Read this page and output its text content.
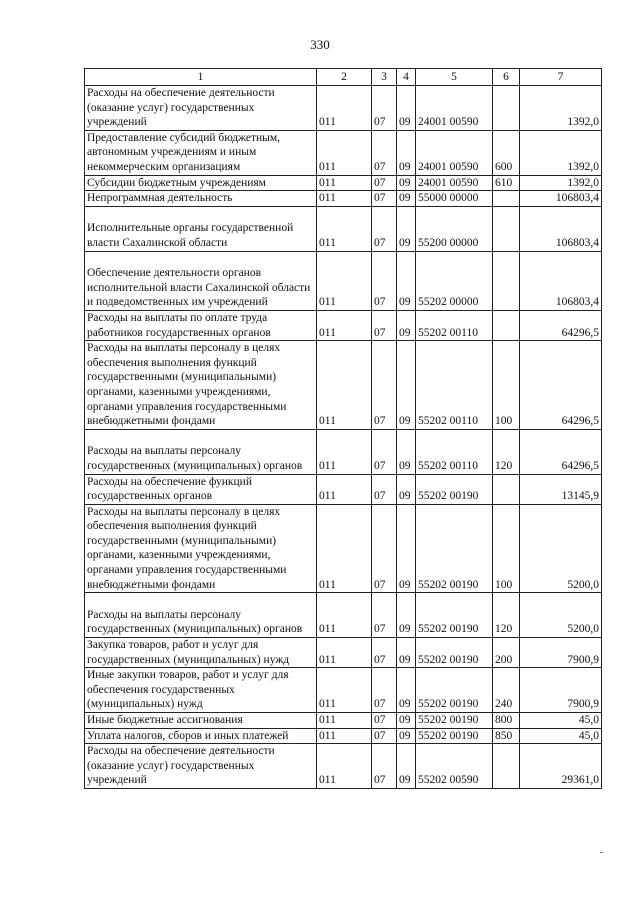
330
1	2	3	4	5	6	7
Расходы на обеспечение деятельности (оказание услуг) государственных учреждений	011	07	09	24001 00590		1392,0
Предоставление субсидий бюджетным, автономным учреждениям и иным некоммерческим организациям	011	07	09	24001 00590	600	1392,0
Субсидии бюджетным учреждениям	011	07	09	24001 00590	610	1392,0
Непрограммная деятельность	011	07	09	55000 00000		106803,4
Исполнительные органы государственной власти Сахалинской области	011	07	09	55200 00000		106803,4
Обеспечение деятельности органов исполнительной власти Сахалинской области и подведомственных им учреждений	011	07	09	55202 00000		106803,4
Расходы на выплаты по оплате труда работников государственных органов	011	07	09	55202 00110		64296,5
Расходы на выплаты персоналу в целях обеспечения выполнения функций государственными (муниципальными) органами, казенными учреждениями, органами управления государственными внебюджетными фондами	011	07	09	55202 00110	100	64296,5
Расходы на выплаты персоналу государственных (муниципальных) органов	011	07	09	55202 00110	120	64296,5
Расходы на обеспечение функций государственных органов	011	07	09	55202 00190		13145,9
Расходы на выплаты персоналу в целях обеспечения выполнения функций государственными (муниципальными) органами, казенными учреждениями, органами управления государственными внебюджетными фондами	011	07	09	55202 00190	100	5200,0
Расходы на выплаты персоналу государственных (муниципальных) органов	011	07	09	55202 00190	120	5200,0
Закупка товаров, работ и услуг для государственных (муниципальных) нужд	011	07	09	55202 00190	200	7900,9
Иные закупки товаров, работ и услуг для обеспечения государственных (муниципальных) нужд	011	07	09	55202 00190	240	7900,9
Иные бюджетные ассигнования	011	07	09	55202 00190	800	45,0
Уплата налогов, сборов и иных платежей	011	07	09	55202 00190	850	45,0
Расходы на обеспечение деятельности (оказание услуг) государственных учреждений	011	07	09	55202 00590		29361,0
